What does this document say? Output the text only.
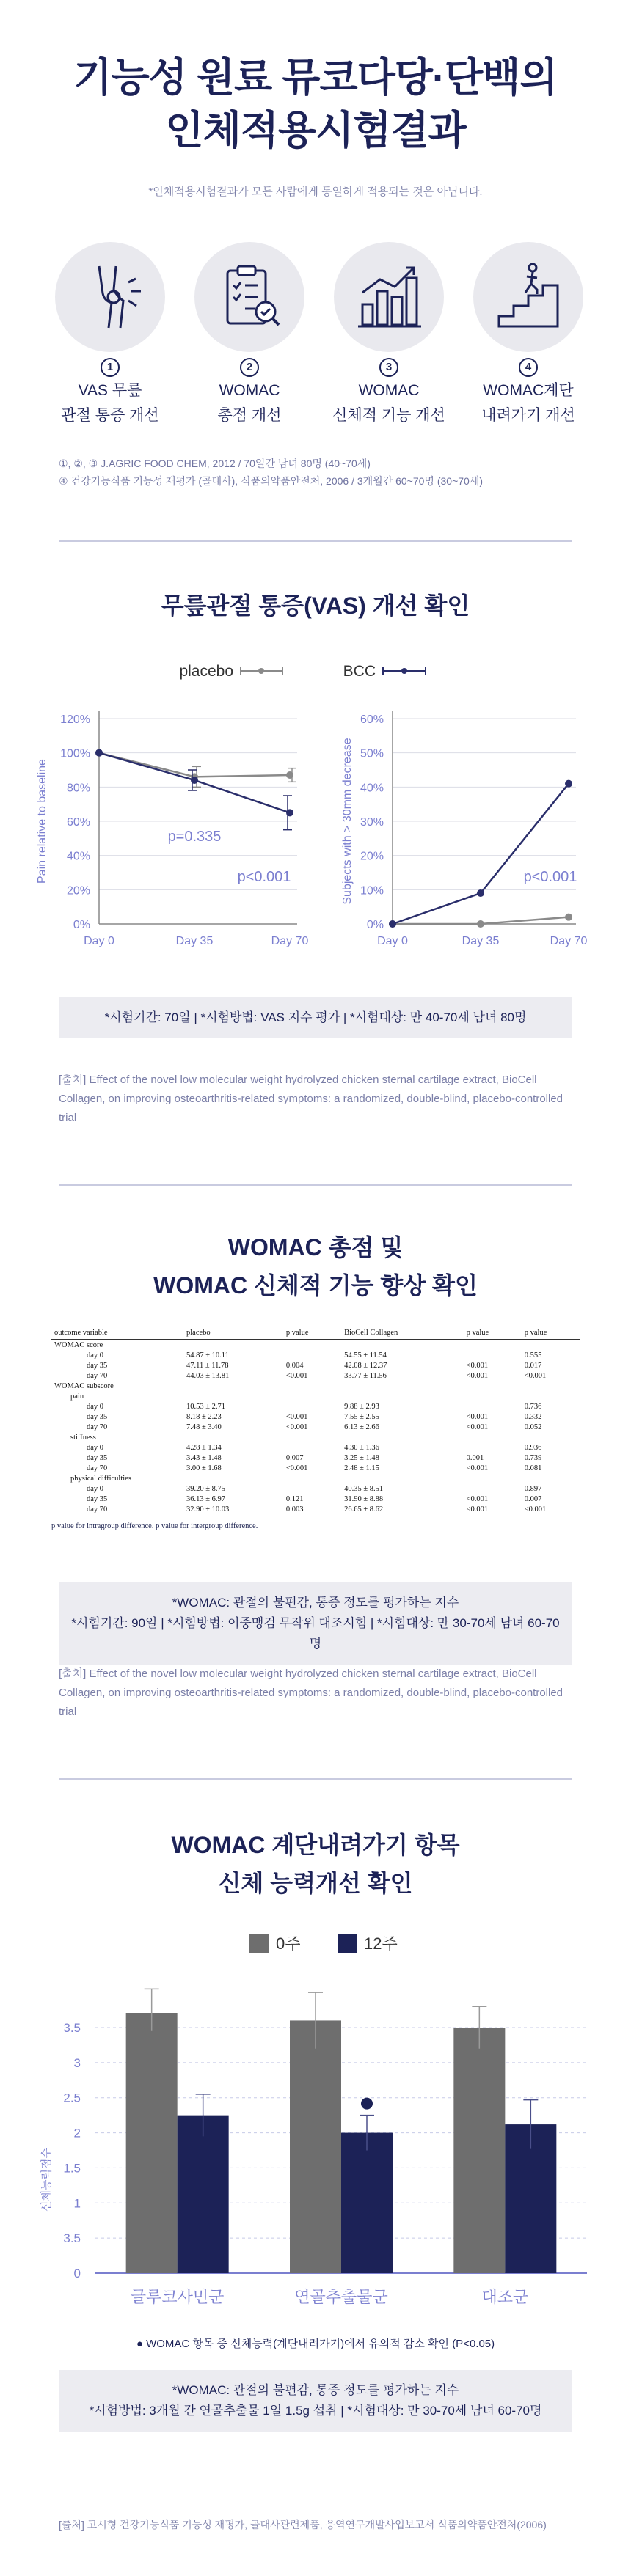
기능성 원료 뮤코다당·단백의
인체적용시험결과
*인체적용시험결과가 모든 사람에게 동일하게 적용되는 것은 아닙니다.
1
VAS 무릎
관절 통증 개선
2
WOMAC
총점 개선
3
WOMAC
신체적 기능 개선
4
WOMAC계단
내려가기 개선
①, ②, ③ J.AGRIC FOOD CHEM, 2012 / 70일간 남녀 80명 (40~70세)
④ 건강기능식품 기능성 재평가 (골대사), 식품의약품안전처, 2006 / 3개월간 60~70명 (30~70세)
무릎관절 통증(VAS) 개선 확인
placebo	BCC
0%
20%
40%
60%
80%
100%
120%
Day 0	Day 35	Day 70
Pain relative to baseline	p=0.335
p<0.001
0%
10%
20%
30%
40%
50%
60%
Day 0	Day 35	Day 70
Subjects with > 30mm decrease	p<0.001
*시험기간: 70일 | *시험방법: VAS 지수 평가 | *시험대상: 만 40-70세 남녀 80명
[출처] Effect of the novel low molecular weight hydrolyzed chicken sternal cartilage extract, BioCell Collagen, on improving osteoarthritis-related symptoms: a randomized, double-blind, placebo-controlled trial
WOMAC 총점 및
WOMAC 신체적 기능 향상 확인
outcome variable	placebo	p value	BioCell Collagen	p value	p value
WOMAC score					
day 0	54.87 ± 10.11		54.55 ± 11.54		0.555
day 35	47.11 ± 11.78	0.004	42.08 ± 12.37	<0.001	0.017
day 70	44.03 ± 13.81	<0.001	33.77 ± 11.56	<0.001	<0.001
WOMAC subscore					
pain					
day 0	10.53 ± 2.71		9.88 ± 2.93		0.736
day 35	8.18 ± 2.23	<0.001	7.55 ± 2.55	<0.001	0.332
day 70	7.48 ± 3.40	<0.001	6.13 ± 2.66	<0.001	0.052
stiffness					
day 0	4.28 ± 1.34		4.30 ± 1.36		0.936
day 35	3.43 ± 1.48	0.007	3.25 ± 1.48	0.001	0.739
day 70	3.00 ± 1.68	<0.001	2.48 ± 1.15	<0.001	0.081
physical difficulties					
day 0	39.20 ± 8.75		40.35 ± 8.51		0.897
day 35	36.13 ± 6.97	0.121	31.90 ± 8.88	<0.001	0.007
day 70	32.90 ± 10.03	0.003	26.65 ± 8.62	<0.001	<0.001
p value for intragroup difference. p value for intergroup difference.
*WOMAC: 관절의 불편감, 통증 정도를 평가하는 지수
*시험기간: 90일 | *시험방법: 이중맹검 무작위 대조시험 | *시험대상: 만 30-70세 남녀 60-70명
[출처] Effect of the novel low molecular weight hydrolyzed chicken sternal cartilage extract, BioCell Collagen, on improving osteoarthritis-related symptoms: a randomized, double-blind, placebo-controlled trial
WOMAC 계단내려가기 항목
신체 능력개선 확인
0주	12주
0
3.5
1
1.5
2
2.5
3
3.5
신체능력점수
글루코사민군	연골추출물군	대조군
● WOMAC 항목 중 신체능력(계단내려가기)에서 유의적 감소 확인 (P<0.05)
*WOMAC: 관절의 불편감, 통증 정도를 평가하는 지수
*시험방법: 3개월 간 연골추출물 1일 1.5g 섭취 | *시험대상: 만 30-70세 남녀 60-70명
[출처] 고시형 건강기능식품 기능성 재평가, 골대사관련제품, 용역연구개발사업보고서 식품의약품안전처(2006)
